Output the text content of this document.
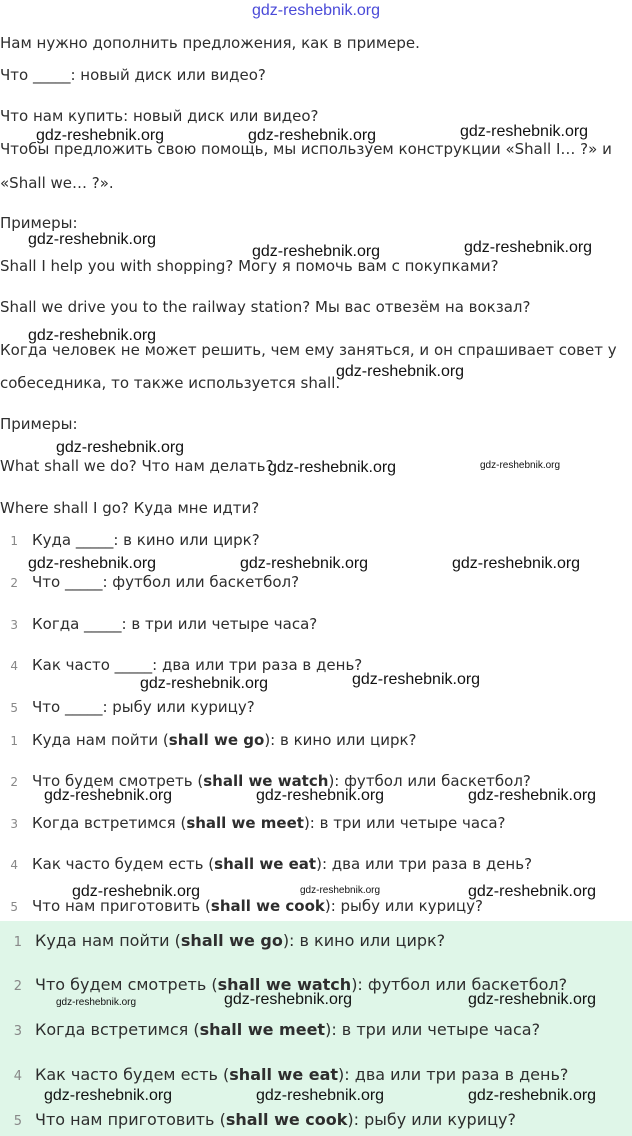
gdz-reshebnik.org
Нам нужно дополнить предложения, как в примере.
Что _____: новый диск или видео?
Что нам купить: новый диск или видео?
Чтобы предложить свою помощь, мы используем конструкции «Shall I… ?» и
«Shall we… ?».
Примеры:
Shall I help you with shopping? Могу я помочь вам с покупками?
Shall we drive you to the railway station? Мы вас отвезём на вокзал?
Когда человек не может решить, чем ему заняться, и он спрашивает совет у
собеседника, то также используется shall.
Примеры:
What shall we do? Что нам делать?
Where shall I go? Куда мне идти?
1 Куда _____: в кино или цирк?
2 Что _____: футбол или баскетбол?
3 Когда _____: в три или четыре часа?
4 Как часто _____: два или три раза в день?
5 Что _____: рыбу или курицу?
1 Куда нам пойти (shall we go): в кино или цирк?
2 Что будем смотреть (shall we watch): футбол или баскетбол?
3 Когда встретимся (shall we meet): в три или четыре часа?
4 Как часто будем есть (shall we eat): два или три раза в день?
5 Что нам приготовить (shall we cook): рыбу или курицу?
1 Куда нам пойти (shall we go): в кино или цирк?
2 Что будем смотреть (shall we watch): футбол или баскетбол?
3 Когда встретимся (shall we meet): в три или четыре часа?
4 Как часто будем есть (shall we eat): два или три раза в день?
5 Что нам приготовить (shall we cook): рыбу или курицу?
gdz-reshebnik.org	gdz-reshebnik.org	gdz-reshebnik.org
gdz-reshebnik.org
gdz-reshebnik.org	gdz-reshebnik.org
gdz-reshebnik.org
gdz-reshebnik.org
gdz-reshebnik.org
gdz-reshebnik.org	gdz-reshebnik.org
gdz-reshebnik.org	gdz-reshebnik.org	gdz-reshebnik.org
gdz-reshebnik.org	gdz-reshebnik.org
gdz-reshebnik.org	gdz-reshebnik.org	gdz-reshebnik.org
gdz-reshebnik.org	gdz-reshebnik.org	gdz-reshebnik.org
gdz-reshebnik.org	gdz-reshebnik.org	gdz-reshebnik.org
gdz-reshebnik.org	gdz-reshebnik.org	gdz-reshebnik.org
